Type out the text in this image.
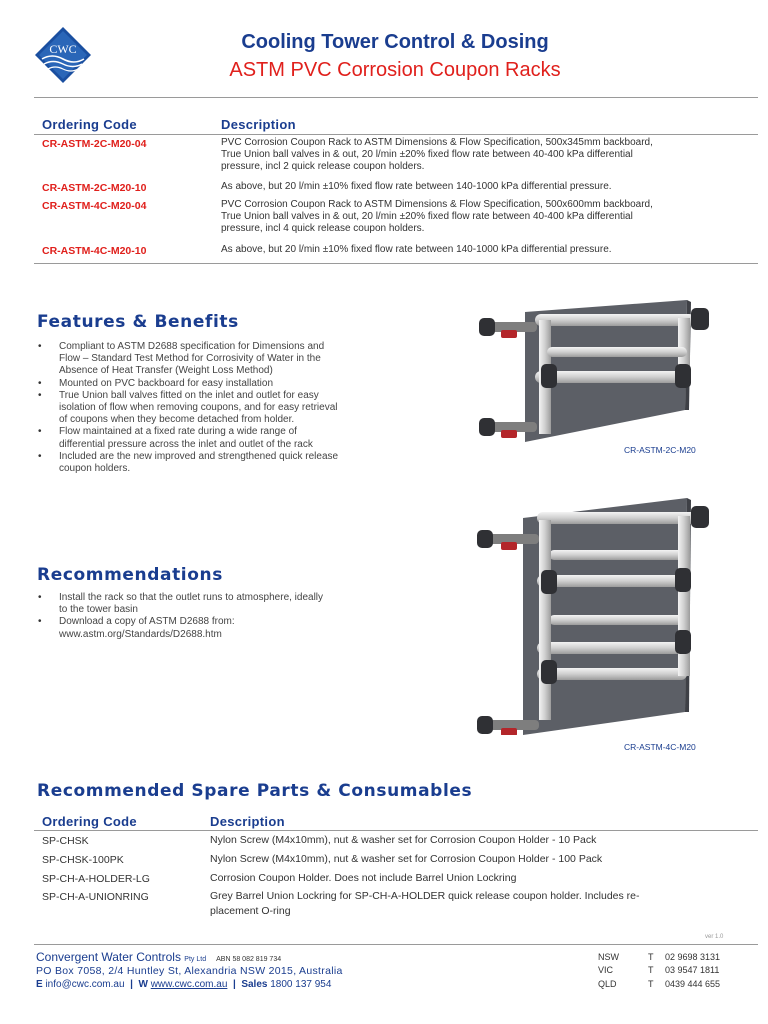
CWC	Cooling Tower Control & Dosing
ASTM PVC Corrosion Coupon Racks
Ordering Code	Description
CR-ASTM-2C-M20-04	PVC Corrosion Coupon Rack to ASTM Dimensions & Flow Specification, 500x345mm backboard,
True Union ball valves in & out, 20 l/min ±20% fixed flow rate between 40-400 kPa differential
pressure, incl 2 quick release coupon holders.
CR-ASTM-2C-M20-10	As above, but 20 l/min ±10% fixed flow rate between 140-1000 kPa differential pressure.
CR-ASTM-4C-M20-04	PVC Corrosion Coupon Rack to ASTM Dimensions & Flow Specification, 500x600mm backboard,
True Union ball valves in & out, 20 l/min ±20% fixed flow rate between 40-400 kPa differential
pressure, incl 4 quick release coupon holders.
CR-ASTM-4C-M20-10	As above, but 20 l/min ±10% fixed flow rate between 140-1000 kPa differential pressure.
Features & Benefits
• Compliant to ASTM D2688 specification for Dimensions and
Flow – Standard Test Method for Corrosivity of Water in the
Absence of Heat Transfer (Weight Loss Method)
• Mounted on PVC backboard for easy installation
• True Union ball valves fitted on the inlet and outlet for easy
isolation of flow when removing coupons, and for easy retrieval
of coupons when they become detached from holder.
• Flow maintained at a fixed rate during a wide range of
differential pressure across the inlet and outlet of the rack
• Included are the new improved and strengthened quick release
coupon holders.
Recommendations
• Install the rack so that the outlet runs to atmosphere, ideally
to the tower basin
• Download a copy of ASTM D2688 from:
www.astm.org/Standards/D2688.htm
CR-ASTM-2C-M20
CR-ASTM-4C-M20
Recommended Spare Parts & Consumables
Ordering Code	Description
SP-CHSK	Nylon Screw (M4x10mm), nut & washer set for Corrosion Coupon Holder - 10 Pack
SP-CHSK-100PK	Nylon Screw (M4x10mm), nut & washer set for Corrosion Coupon Holder - 100 Pack
SP-CH-A-HOLDER-LG	Corrosion Coupon Holder. Does not include Barrel Union Lockring
SP-CH-A-UNIONRING	Grey Barrel Union Lockring for SP-CH-A-HOLDER quick release coupon holder. Includes re-
placement O-ring
ver 1.0
Convergent Water Controls Pty Ltd ABN 58 082 819 734
PO Box 7058, 2/4 Huntley St, Alexandria NSW 2015, Australia
E info@cwc.com.au | W www.cwc.com.au | Sales 1800 137 954
NSW	T 02 9698 3131
VIC	T 03 9547 1811
QLD	T 0439 444 655
